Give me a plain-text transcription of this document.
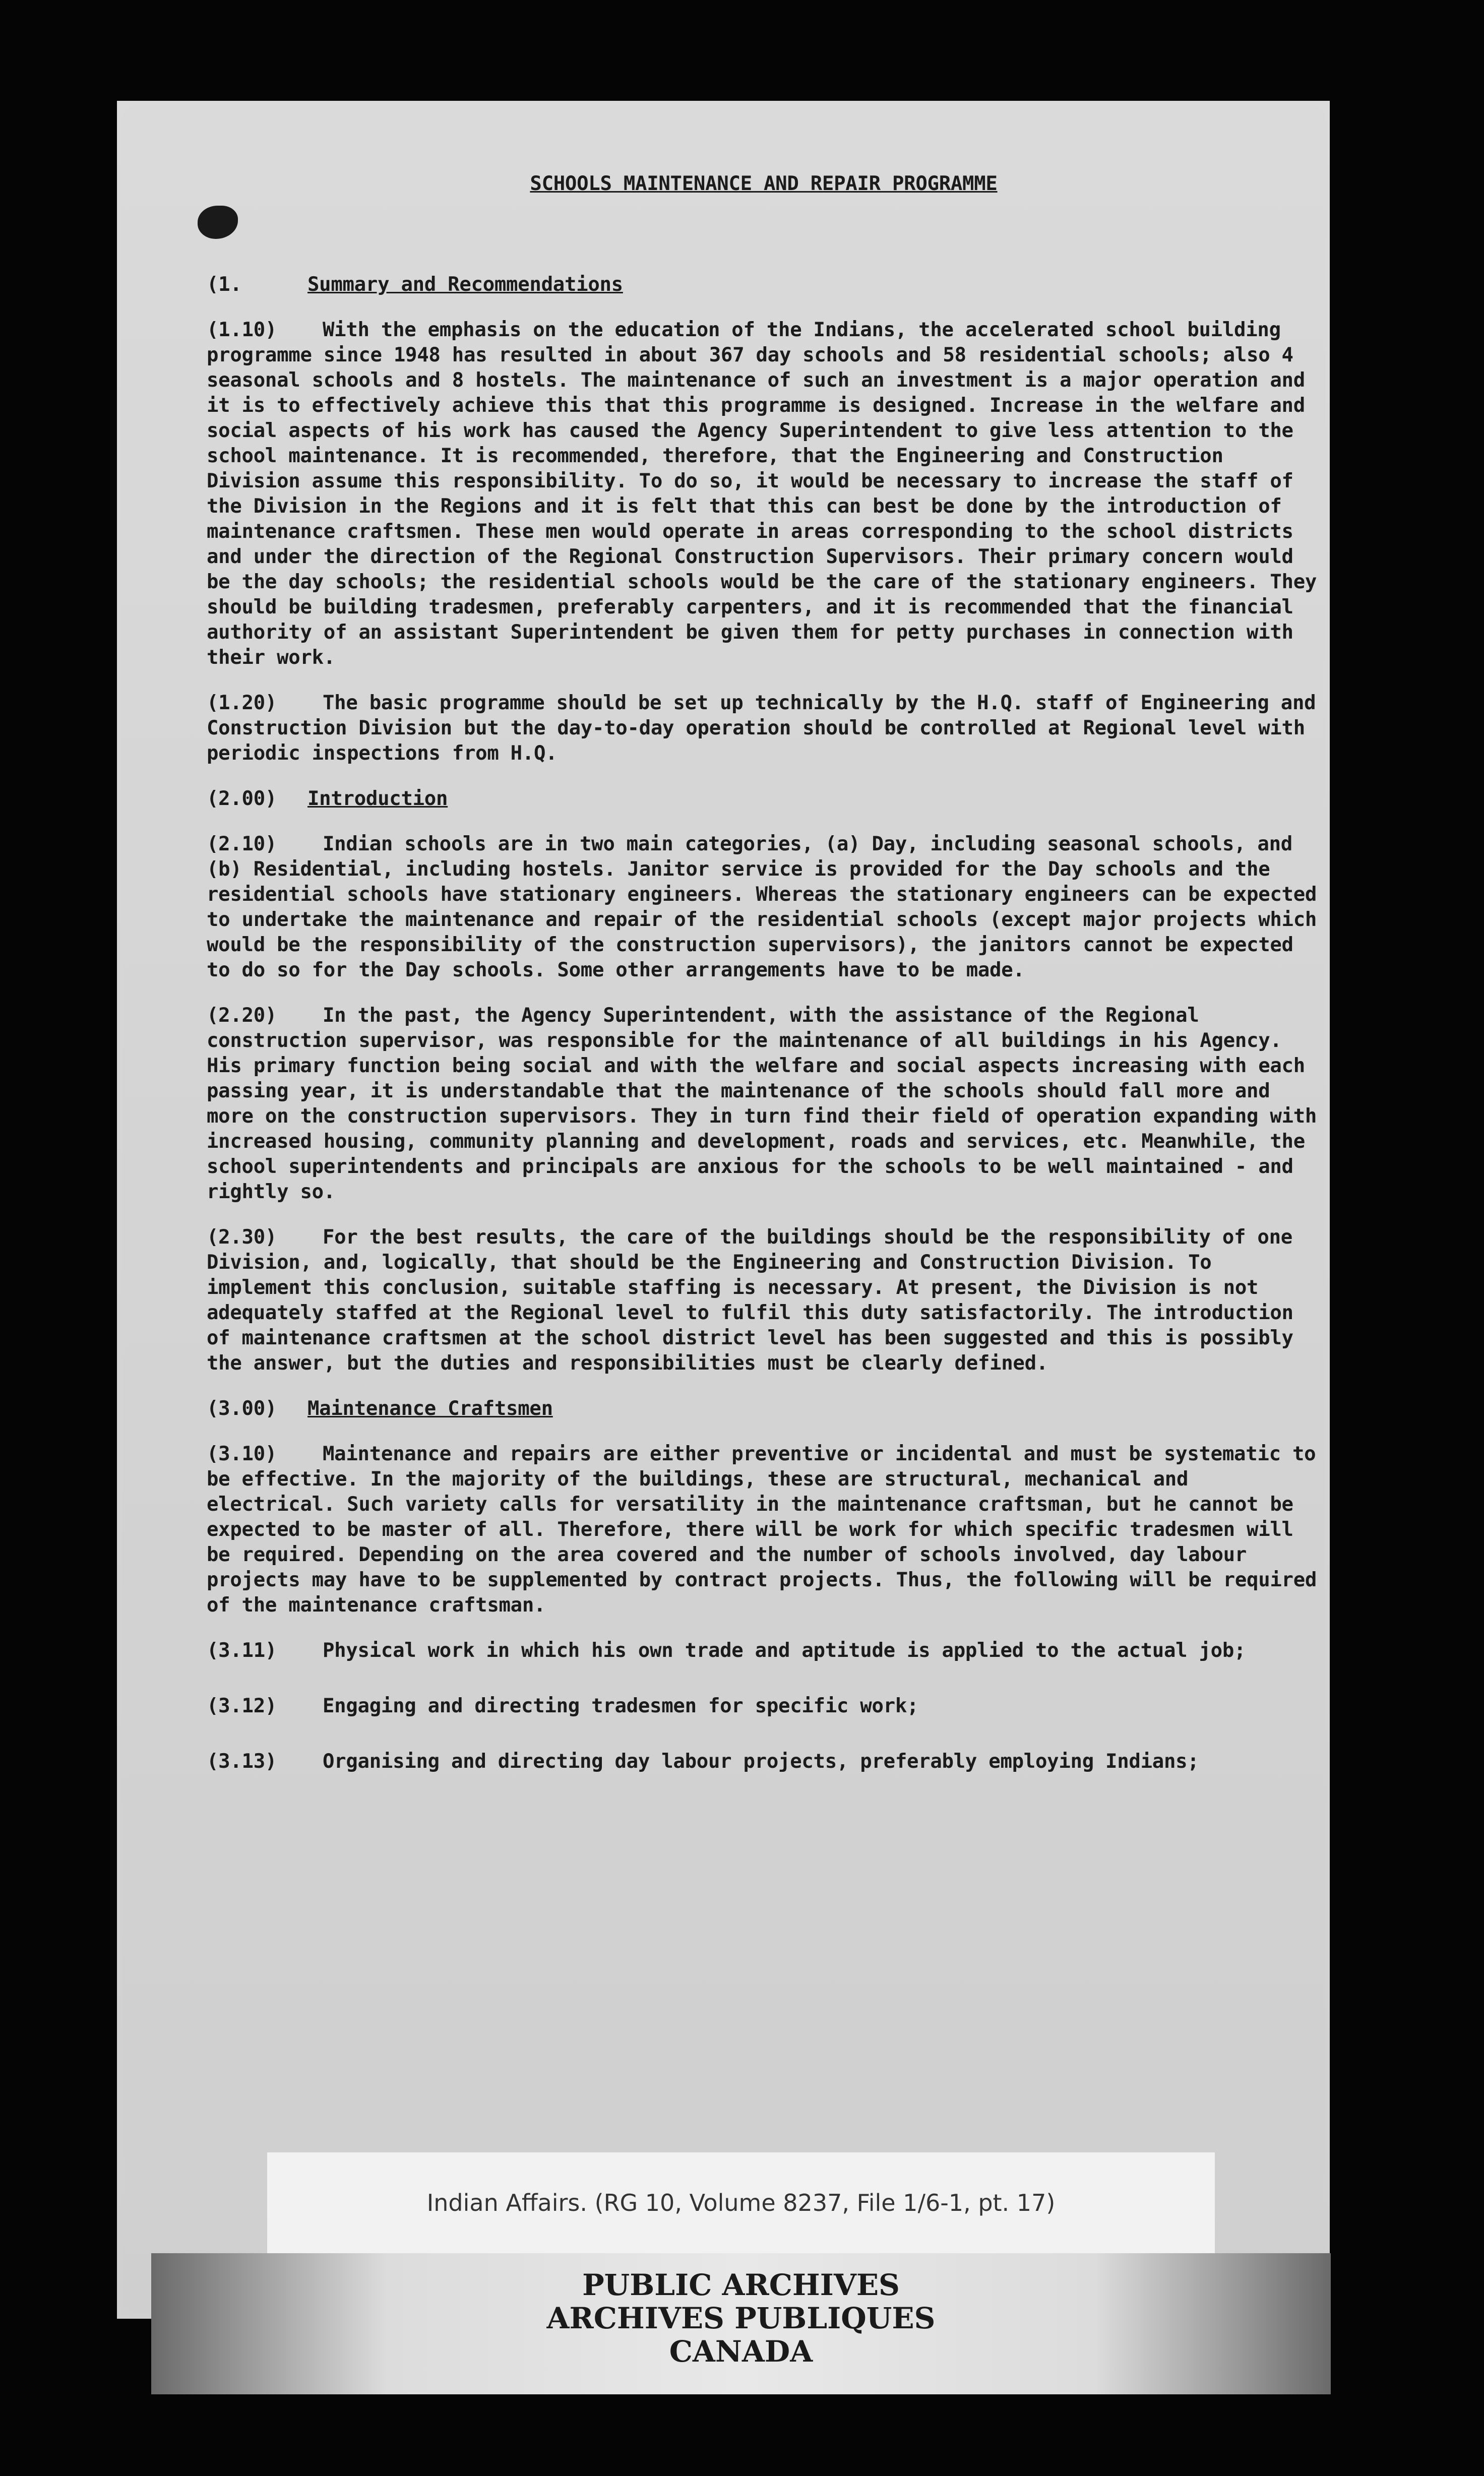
SCHOOLS MAINTENANCE AND REPAIR PROGRAMME
(1.	Summary and Recommendations
(1.10) With the emphasis on the education of the Indians, the accelerated school building programme since 1948 has resulted in about 367 day schools and 58 residential schools; also 4 seasonal schools and 8 hostels. The maintenance of such an investment is a major operation and it is to effectively achieve this that this programme is designed. Increase in the welfare and social aspects of his work has caused the Agency Superintendent to give less attention to the school maintenance. It is recommended, therefore, that the Engineering and Construction Division assume this responsibility. To do so, it would be necessary to increase the staff of the Division in the Regions and it is felt that this can best be done by the introduction of maintenance craftsmen. These men would operate in areas corresponding to the school districts and under the direction of the Regional Construction Supervisors. Their primary concern would be the day schools; the residential schools would be the care of the stationary engineers. They should be building tradesmen, preferably carpenters, and it is recommended that the financial authority of an assistant Superintendent be given them for petty purchases in connection with their work.
(1.20) The basic programme should be set up technically by the H.Q. staff of Engineering and Construction Division but the day-to-day operation should be controlled at Regional level with periodic inspections from H.Q.
(2.00) Introduction
(2.10) Indian schools are in two main categories, (a) Day, including seasonal schools, and (b) Residential, including hostels. Janitor service is provided for the Day schools and the residential schools have stationary engineers. Whereas the stationary engineers can be expected to undertake the maintenance and repair of the residential schools (except major projects which would be the responsibility of the construction supervisors), the janitors cannot be expected to do so for the Day schools. Some other arrangements have to be made.
(2.20) In the past, the Agency Superintendent, with the assistance of the Regional construction supervisor, was responsible for the maintenance of all buildings in his Agency. His primary function being social and with the welfare and social aspects increasing with each passing year, it is understandable that the maintenance of the schools should fall more and more on the construction supervisors. They in turn find their field of operation expanding with increased housing, community planning and development, roads and services, etc. Meanwhile, the school superintendents and principals are anxious for the schools to be well maintained - and rightly so.
(2.30) For the best results, the care of the buildings should be the responsibility of one Division, and, logically, that should be the Engineering and Construction Division. To implement this conclusion, suitable staffing is necessary. At present, the Division is not adequately staffed at the Regional level to fulfil this duty satisfactorily. The introduction of maintenance craftsmen at the school district level has been suggested and this is possibly the answer, but the duties and responsibilities must be clearly defined.
(3.00) Maintenance Craftsmen
(3.10) Maintenance and repairs are either preventive or incidental and must be systematic to be effective. In the majority of the buildings, these are structural, mechanical and electrical. Such variety calls for versatility in the maintenance craftsman, but he cannot be expected to be master of all. Therefore, there will be work for which specific tradesmen will be required. Depending on the area covered and the number of schools involved, day labour projects may have to be supplemented by contract projects. Thus, the following will be required of the maintenance craftsman.
(3.11)	Physical work in which his own trade and aptitude is applied to the actual job;
(3.12)	Engaging and directing tradesmen for specific work;
(3.13)	Organising and directing day labour projects, preferably employing Indians;
Indian Affairs. (RG 10, Volume 8237, File 1/6-1, pt. 17)
PUBLIC ARCHIVES
ARCHIVES PUBLIQUES
CANADA
